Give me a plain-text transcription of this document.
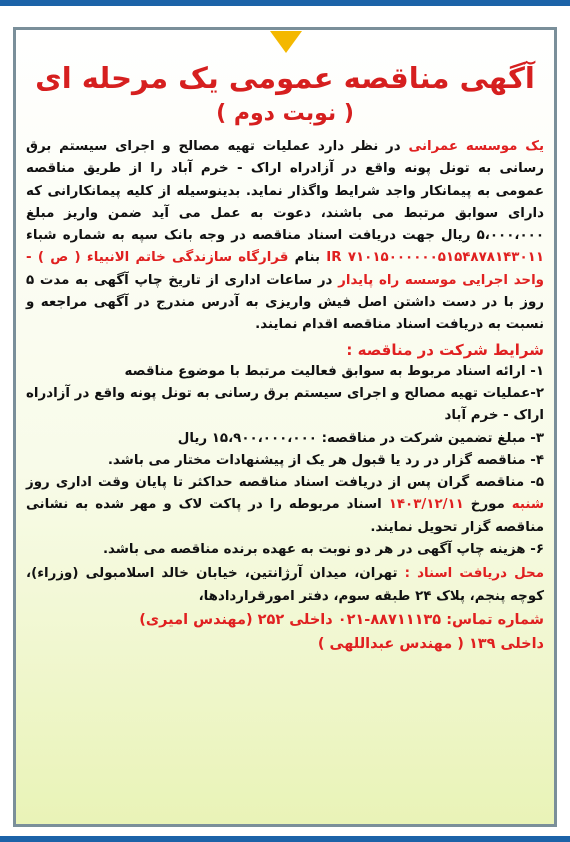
آگهی مناقصه عمومی یک مرحله ای
( نوبت دوم )

یک موسسه عمرانی در نظر دارد عملیات تهیه مصالح و اجرای سیستم برق رسانی به تونل پونه واقع در آزادراه اراک - خرم آباد را از طریق مناقصه عمومی به پیمانکار واجد شرایط واگذار نماید. بدینوسیله از کلیه پیمانکارانی که دارای سوابق مرتبط می باشند، دعوت به عمل می آید ضمن واریز مبلغ ۵،۰۰۰،۰۰۰ ریال جهت دریافت اسناد مناقصه در وجه بانک سپه به شماره شباء IR ۷۱۰۱۵۰۰۰۰۰۰۵۱۵۴۸۷۸۱۴۳۰۱۱ بنام قرارگاه سازندگی خاتم الانبیاء ( ص ) - واحد اجرایی موسسه راه پایدار در ساعات اداری از تاریخ چاپ آگهی به مدت ۵ روز با در دست داشتن اصل فیش واریزی به آدرس مندرج در آگهی مراجعه و نسبت به دریافت اسناد مناقصه اقدام نمایند.

شرایط شرکت در مناقصه :

۱- ارائه اسناد مربوط به سوابق فعالیت مرتبط با موضوع مناقصه

۲-عملیات تهیه مصالح و اجرای سیستم برق رسانی به تونل پونه واقع در آزادراه اراک - خرم آباد

۳- مبلغ تضمین شرکت در مناقصه: ۱۵،۹۰۰،۰۰۰،۰۰۰ ریال

۴- مناقصه گزار در رد یا قبول هر یک از پیشنهادات مختار می باشد.

۵- مناقصه گران پس از دریافت اسناد مناقصه حداکثر تا پایان وقت اداری روز شنبه مورخ ۱۴۰۳/۱۲/۱۱ اسناد مربوطه را در پاکت لاک و مهر شده به نشانی مناقصه گزار تحویل نمایند.

۶- هزینه چاپ آگهی در هر دو نوبت به عهده برنده مناقصه می باشد.

محل دریافت اسناد : تهران، میدان آرژانتین، خیابان خالد اسلامبولی (وزراء)، کوچه پنجم، پلاک ۲۴ طبقه سوم، دفتر امورقراردادها،

شماره تماس: ۸۸۷۱۱۱۳۵-۰۲۱ داخلی ۲۵۲ (مهندس امیری)

داخلی ۱۳۹ ( مهندس عبداللهی )
